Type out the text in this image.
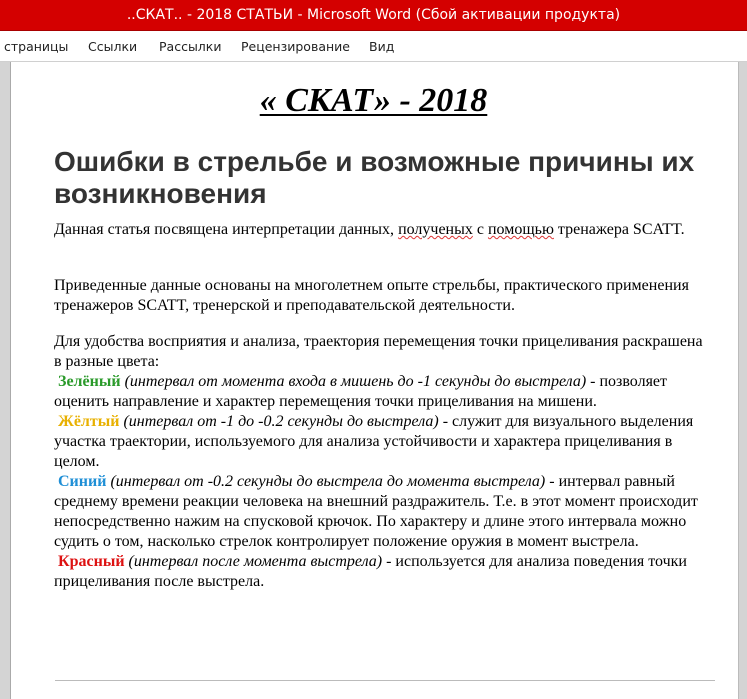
..СКАТ.. - 2018 СТАТЬИ - Microsoft Word (Сбой активации продукта)
страницы Ссылки Рассылки Рецензирование Вид
« СКАТ» - 2018
Ошибки в стрельбе и возможные причины их возникновения
Данная статья посвящена интерпретации данных, полученых с помощью тренажера SCATT.
Приведенные данные основаны на многолетнем опыте стрельбы, практического применения тренажеров SCATT, тренерской и преподавательской деятельности.
Для удобства восприятия и анализа, траектория перемещения точки прицеливания раскрашена в разные цвета:
Зелёный (интервал от момента входа в мишень до -1 секунды до выстрела) - позволяет оценить направление и характер перемещения точки прицеливания на мишени.
Жёлтый (интервал от -1 до -0.2 секунды до выстрела) - служит для визуального выделения участка траектории, используемого для анализа устойчивости и характера прицеливания в целом.
Синий (интервал от -0.2 секунды до выстрела до момента выстрела) - интервал равный среднему времени реакции человека на внешний раздражитель. Т.е. в этот момент происходит непосредственно нажим на спусковой крючок. По характеру и длине этого интервала можно судить о том, насколько стрелок контролирует положение оружия в момент выстрела.
Красный (интервал после момента выстрела) - используется для анализа поведения точки прицеливания после выстрела.
